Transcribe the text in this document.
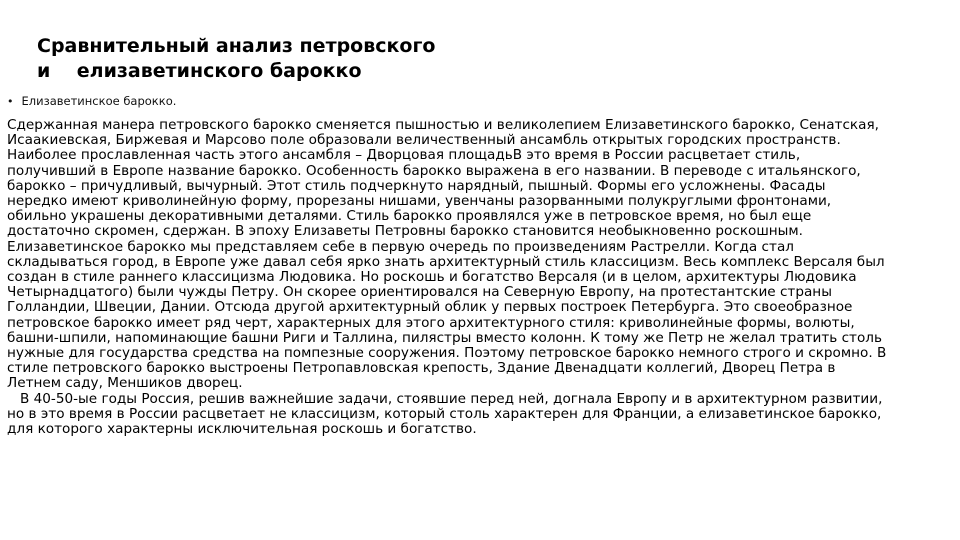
Сравнительный анализ петровского
и    елизаветинского барокко
• Елизаветинское барокко.

Сдержанная манера петровского барокко сменяется пышностью и великолепием Елизаветинского барокко, Сенатская, Исаакиевская, Биржевая и Марсово поле образовали величественный ансамбль открытых городских пространств. Наиболее прославленная часть этого ансамбля – Дворцовая площадьВ это время в России расцветает стиль, получивший в Европе название барокко. Особенность барокко выражена в его названии. В переводе с итальянского, барокко – причудливый, вычурный. Этот стиль подчеркнуто нарядный, пышный. Формы его усложнены. Фасады нередко имеют криволинейную форму, прорезаны нишами, увенчаны разорванными полукруглыми фронтонами, обильно украшены декоративными деталями. Стиль барокко проявлялся уже в петровское время, но был еще достаточно скромен, сдержан. В эпоху Елизаветы Петровны барокко становится необыкновенно роскошным. Елизаветинское барокко мы представляем себе в первую очередь по произведениям Растрелли. Когда стал складываться город, в Европе уже давал себя ярко знать архитектурный стиль классицизм. Весь комплекс Версаля был создан в стиле раннего классицизма Людовика. Но роскошь и богатство Версаля (и в целом, архитектуры Людовика Четырнадцатого) были чужды Петру. Он скорее ориентировался на Северную Европу, на протестантские страны Голландии, Швеции, Дании. Отсюда другой архитектурный облик у первых построек Петербурга. Это своеобразное петровское барокко имеет ряд черт, характерных для этого архитектурного стиля: криволинейные формы, волюты, башни-шпили, напоминающие башни Риги и Таллина, пилястры вместо колонн. К тому же Петр не желал тратить столь нужные для государства средства на помпезные сооружения. Поэтому петровское барокко немного строго и скромно. В стиле петровского барокко выстроены Петропавловская крепость, Здание Двенадцати коллегий, Дворец Петра в Летнем саду, Меншиков дворец.

В 40-50-ые годы Россия, решив важнейшие задачи, стоявшие перед ней, догнала Европу и в архитектурном развитии, но в это время в России расцветает не классицизм, который столь характерен для Франции, а елизаветинское барокко, для которого характерны исключительная роскошь и богатство.
